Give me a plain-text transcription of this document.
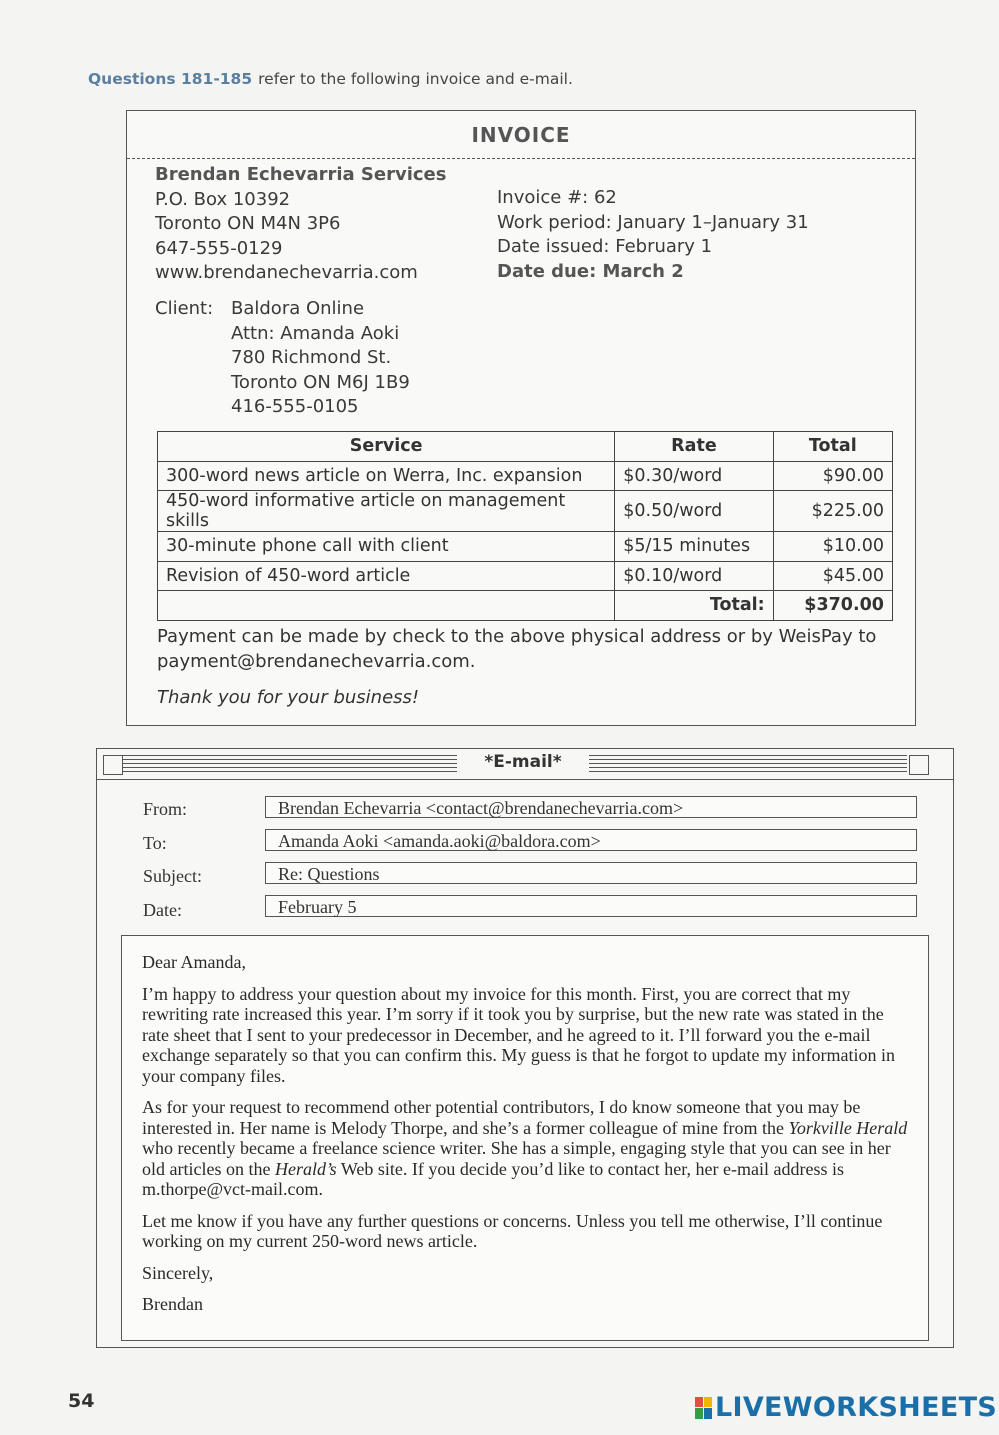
Questions 181-185 refer to the following invoice and e-mail.
INVOICE
Brendan Echevarria Services
P.O. Box 10392
Toronto ON M4N 3P6
647-555-0129
www.brendanechevarria.com
Invoice #: 62
Work period: January 1–January 31
Date issued: February 1
Date due: March 2
Client: Baldora Online
Attn: Amanda Aoki
780 Richmond St.
Toronto ON M6J 1B9
416-555-0105
Service	Rate	Total
300-word news article on Werra, Inc. expansion	$0.30/word	$90.00
450-word informative article on management skills	$0.50/word	$225.00
30-minute phone call with client	$5/15 minutes	$10.00
Revision of 450-word article	$0.10/word	$45.00
	Total:	$370.00
Payment can be made by check to the above physical address or by WeisPay to payment@brendanechevarria.com.
Thank you for your business!
*E-mail*
From:	Brendan Echevarria <contact@brendanechevarria.com>
To:	Amanda Aoki <amanda.aoki@baldora.com>
Subject:	Re: Questions
Date:	February 5

Dear Amanda,

I’m happy to address your question about my invoice for this month. First, you are correct that my rewriting rate increased this year. I’m sorry if it took you by surprise, but the new rate was stated in the rate sheet that I sent to your predecessor in December, and he agreed to it. I’ll forward you the e-mail exchange separately so that you can confirm this. My guess is that he forgot to update my information in your company files.

As for your request to recommend other potential contributors, I do know someone that you may be interested in. Her name is Melody Thorpe, and she’s a former colleague of mine from the Yorkville Herald who recently became a freelance science writer. She has a simple, engaging style that you can see in her old articles on the Herald’s Web site. If you decide you’d like to contact her, her e-mail address is m.thorpe@vct-mail.com.

Let me know if you have any further questions or concerns. Unless you tell me otherwise, I’ll continue working on my current 250-word news article.

Sincerely,

Brendan

54	LIVEWORKSHEETS
